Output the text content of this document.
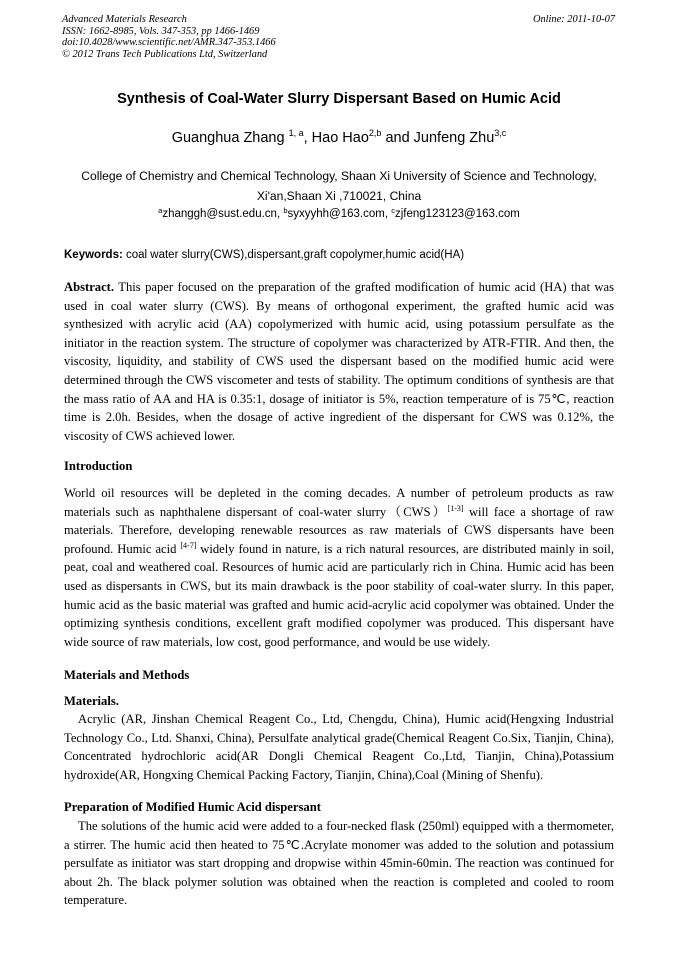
Advanced Materials Research
ISSN: 1662-8985, Vols. 347-353, pp 1466-1469
doi:10.4028/www.scientific.net/AMR.347-353.1466
© 2012 Trans Tech Publications Ltd, Switzerland
Online: 2011-10-07
Synthesis of Coal-Water Slurry Dispersant Based on Humic Acid
Guanghua Zhang $^{1, a}$, Hao Hao$^{2,b}$ and Junfeng Zhu$^{3,c}$
College of Chemistry and Chemical Technology, Shaan Xi University of Science and Technology, Xi'an,Shaan Xi ,710021, China
$^a$zhanggh@sust.edu.cn, $^b$syxyyhh@163.com, $^c$zjfeng123123@163.com
Keywords: coal water slurry(CWS),dispersant,graft copolymer,humic acid(HA)

Abstract. This paper focused on the preparation of the grafted modification of humic acid (HA) that was used in coal water slurry (CWS). By means of orthogonal experiment, the grafted humic acid was synthesized with acrylic acid (AA) copolymerized with humic acid, using potassium persulfate as the initiator in the reaction system. The structure of copolymer was characterized by ATR-FTIR. And then, the viscosity, liquidity, and stability of CWS used the dispersant based on the modified humic acid were determined through the CWS viscometer and tests of stability. The optimum conditions of synthesis are that the mass ratio of AA and HA is 0.35:1, dosage of initiator is 5%, reaction temperature of is 75℃, reaction time is 2.0h. Besides, when the dosage of active ingredient of the dispersant for CWS was 0.12%, the viscosity of CWS achieved lower.

Introduction

World oil resources will be depleted in the coming decades. A number of petroleum products as raw materials such as naphthalene dispersant of coal-water slurry（CWS）[1-3] will face a shortage of raw materials. Therefore, developing renewable resources as raw materials of CWS dispersants have been profound. Humic acid [4-7] widely found in nature, is a rich natural resources, are distributed mainly in soil, peat, coal and weathered coal. Resources of humic acid are particularly rich in China. Humic acid has been used as dispersants in CWS, but its main drawback is the poor stability of coal-water slurry. In this paper, humic acid as the basic material was grafted and humic acid-acrylic acid copolymer was obtained. Under the optimizing synthesis conditions, excellent graft modified copolymer was produced. This dispersant have wide source of raw materials, low cost, good performance, and would be use widely.

Materials and Methods
Materials.

Acrylic (AR, Jinshan Chemical Reagent Co., Ltd, Chengdu, China), Humic acid(Hengxing Industrial Technology Co., Ltd. Shanxi, China), Persulfate analytical grade(Chemical Reagent Co.Six, Tianjin, China), Concentrated hydrochloric acid(AR Dongli Chemical Reagent Co.,Ltd, Tianjin, China),Potassium hydroxide(AR, Hongxing Chemical Packing Factory, Tianjin, China),Coal (Mining of Shenfu).

Preparation of Modified Humic Acid dispersant

The solutions of the humic acid were added to a four-necked flask (250ml) equipped with a thermometer, a stirrer. The humic acid then heated to 75℃.Acrylate monomer was added to the solution and potassium persulfate as initiator was start dropping and dropwise within 45min-60min. The reaction was continued for about 2h. The black polymer solution was obtained when the reaction is completed and cooled to room temperature.
